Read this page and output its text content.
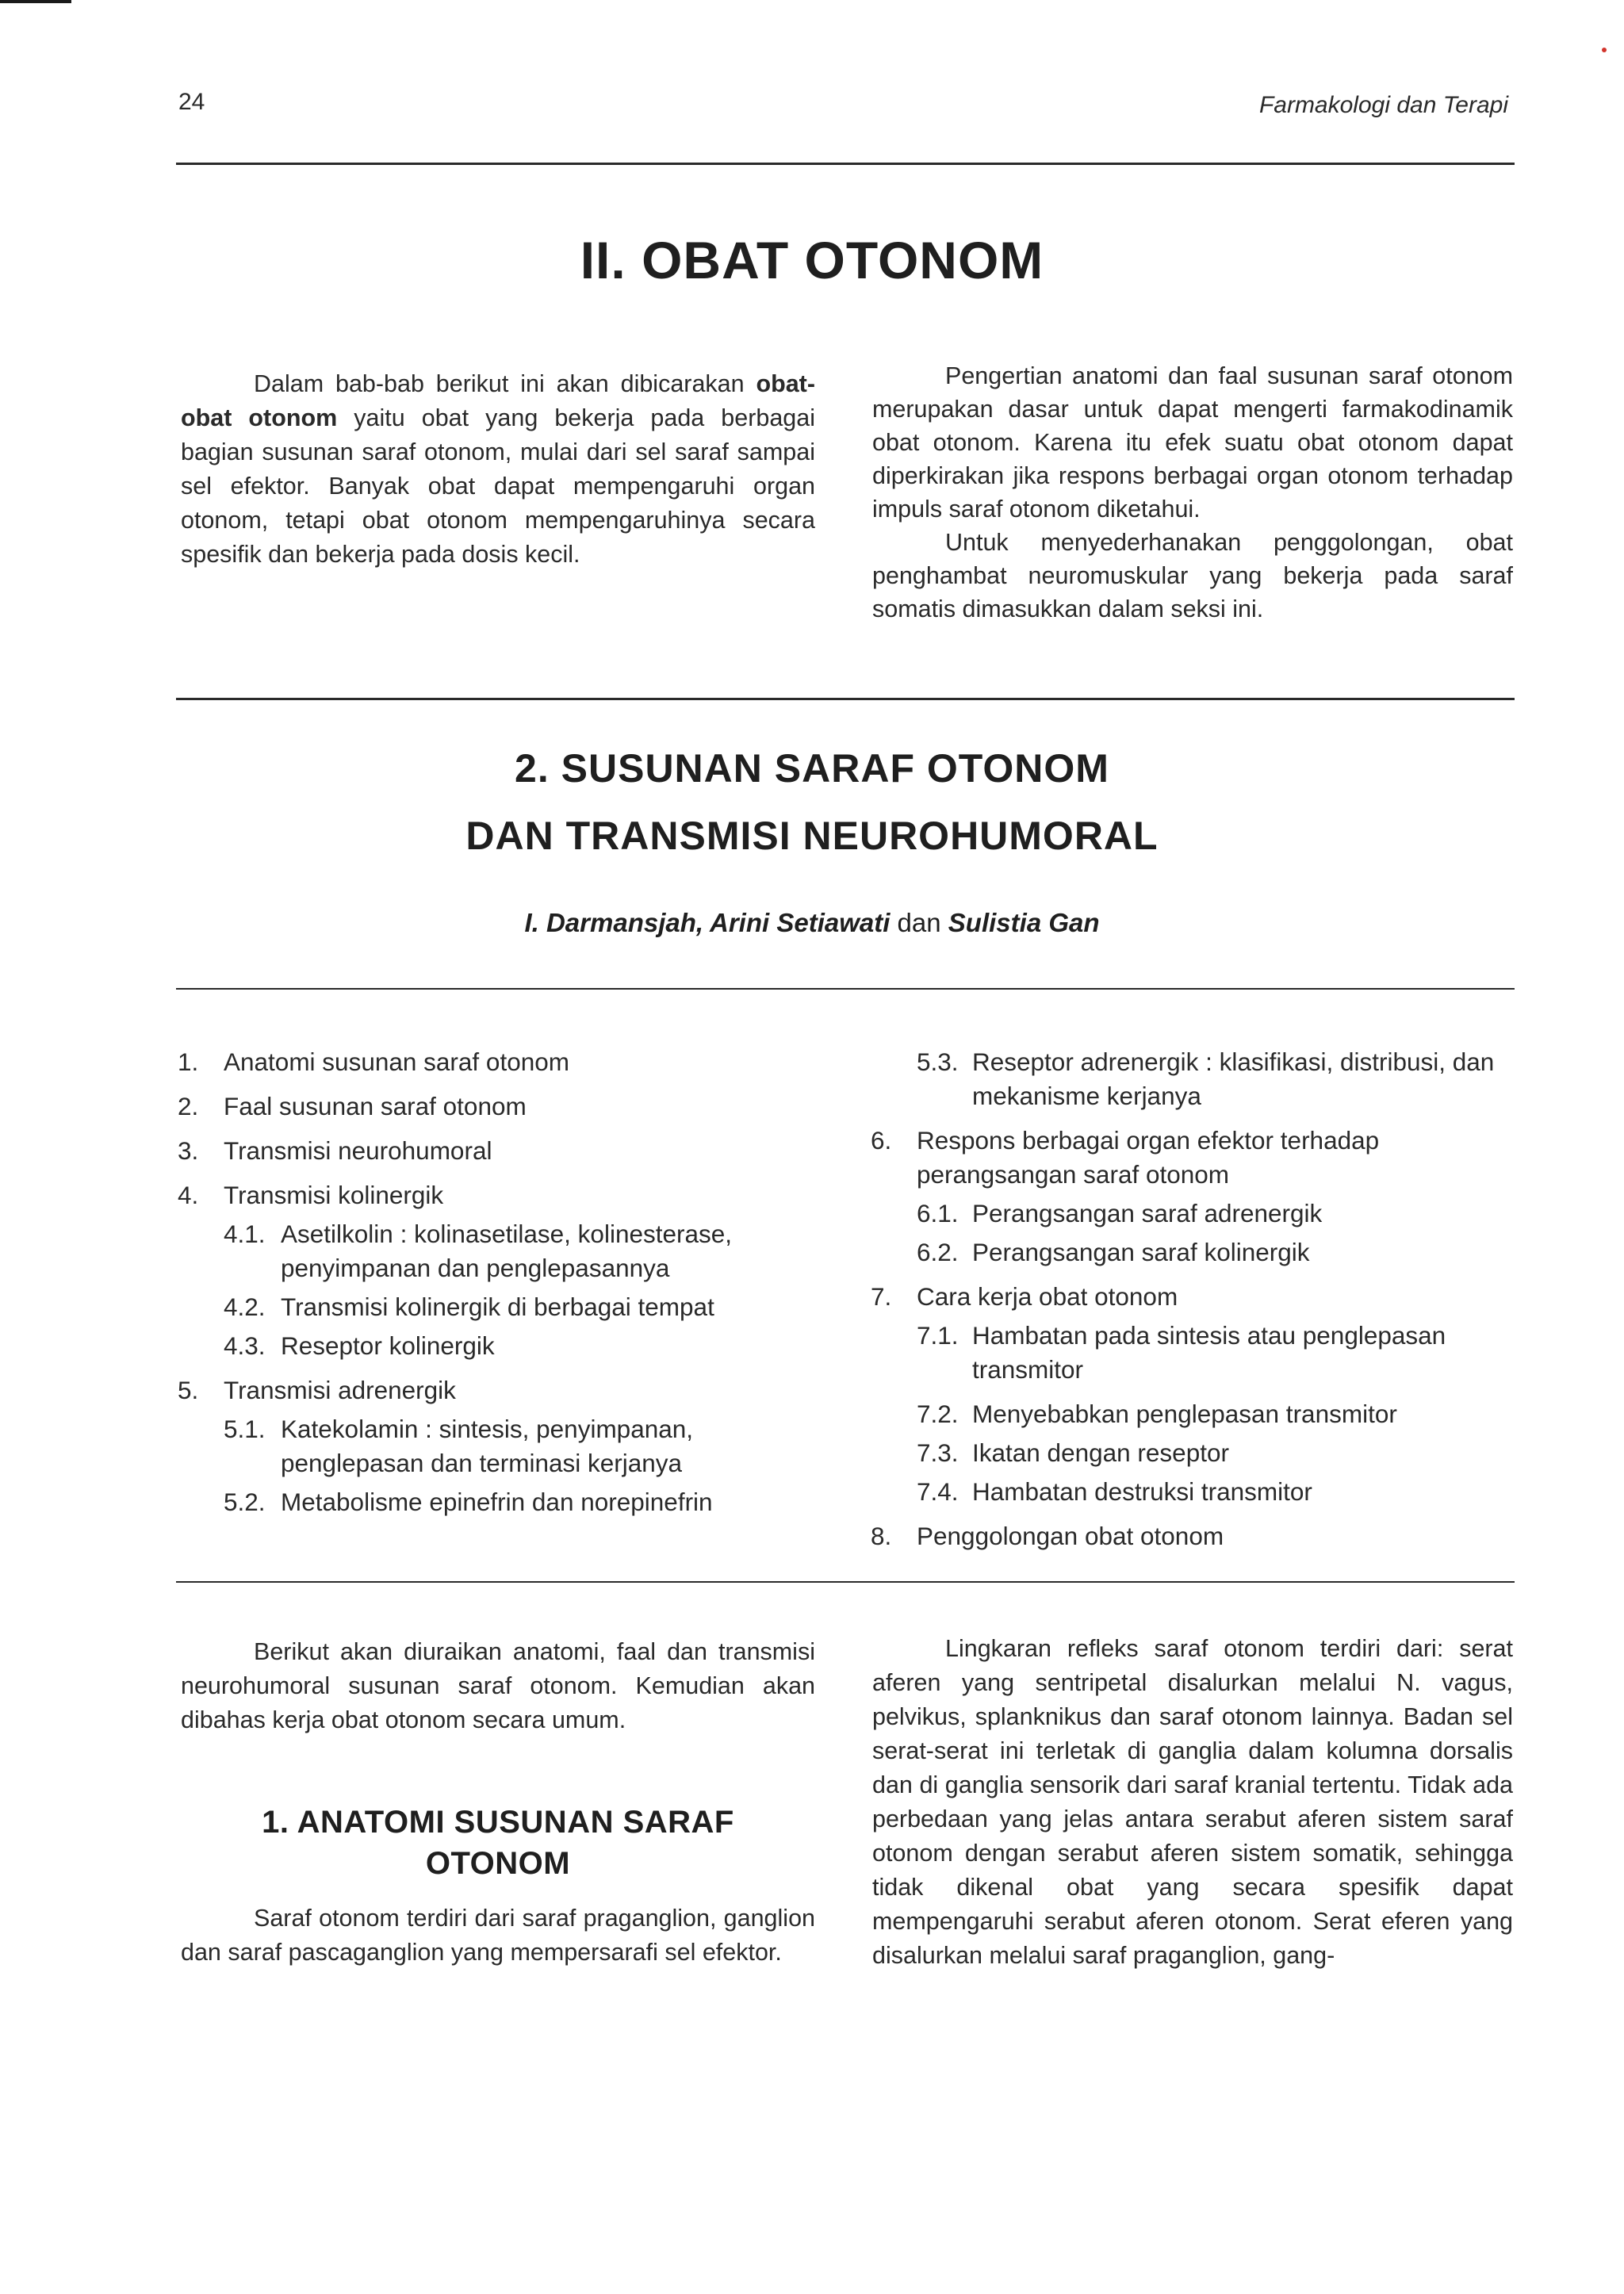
24	Farmakologi dan Terapi
II. OBAT OTONOM

Dalam bab-bab berikut ini akan dibicarakan obat-obat otonom yaitu obat yang bekerja pada berbagai bagian susunan saraf otonom, mulai dari sel saraf sampai sel efektor. Banyak obat dapat mempengaruhi organ otonom, tetapi obat otonom mempengaruhinya secara spesifik dan bekerja pada dosis kecil.

Pengertian anatomi dan faal susunan saraf otonom merupakan dasar untuk dapat mengerti farmakodinamik obat otonom. Karena itu efek suatu obat otonom dapat diperkirakan jika respons berbagai organ otonom terhadap impuls saraf otonom diketahui.

Untuk menyederhanakan penggolongan, obat penghambat neuromuskular yang bekerja pada saraf somatis dimasukkan dalam seksi ini.

2. SUSUNAN SARAF OTONOM
DAN TRANSMISI NEUROHUMORAL
I. Darmansjah, Arini Setiawati dan Sulistia Gan
1. Anatomi susunan saraf otonom
2. Faal susunan saraf otonom
3. Transmisi neurohumoral
4. Transmisi kolinergik
4.1. Asetilkolin : kolinasetilase, kolinesterase, penyimpanan dan penglepasannya
4.2. Transmisi kolinergik di berbagai tempat
4.3. Reseptor kolinergik
5. Transmisi adrenergik
5.1. Katekolamin : sintesis, penyimpanan, penglepasan dan terminasi kerjanya
5.2. Metabolisme epinefrin dan norepinefrin
5.3. Reseptor adrenergik : klasifikasi, distribusi, dan mekanisme kerjanya
6. Respons berbagai organ efektor terhadap perangsangan saraf otonom
6.1. Perangsangan saraf adrenergik
6.2. Perangsangan saraf kolinergik
7. Cara kerja obat otonom
7.1. Hambatan pada sintesis atau penglepasan transmitor
7.2. Menyebabkan penglepasan transmitor
7.3. Ikatan dengan reseptor
7.4. Hambatan destruksi transmitor
8. Penggolongan obat otonom

Berikut akan diuraikan anatomi, faal dan transmisi neurohumoral susunan saraf otonom. Kemudian akan dibahas kerja obat otonom secara umum.

1. ANATOMI SUSUNAN SARAF
OTONOM

Saraf otonom terdiri dari saraf praganglion, ganglion dan saraf pascaganglion yang mempersarafi sel efektor.

Lingkaran refleks saraf otonom terdiri dari: serat aferen yang sentripetal disalurkan melalui N. vagus, pelvikus, splanknikus dan saraf otonom lainnya. Badan sel serat-serat ini terletak di ganglia dalam kolumna dorsalis dan di ganglia sensorik dari saraf kranial tertentu. Tidak ada perbedaan yang jelas antara serabut aferen sistem saraf otonom dengan serabut aferen sistem somatik, sehingga tidak dikenal obat yang secara spesifik dapat mempengaruhi serabut aferen otonom. Serat eferen yang disalurkan melalui saraf praganglion, gang-
